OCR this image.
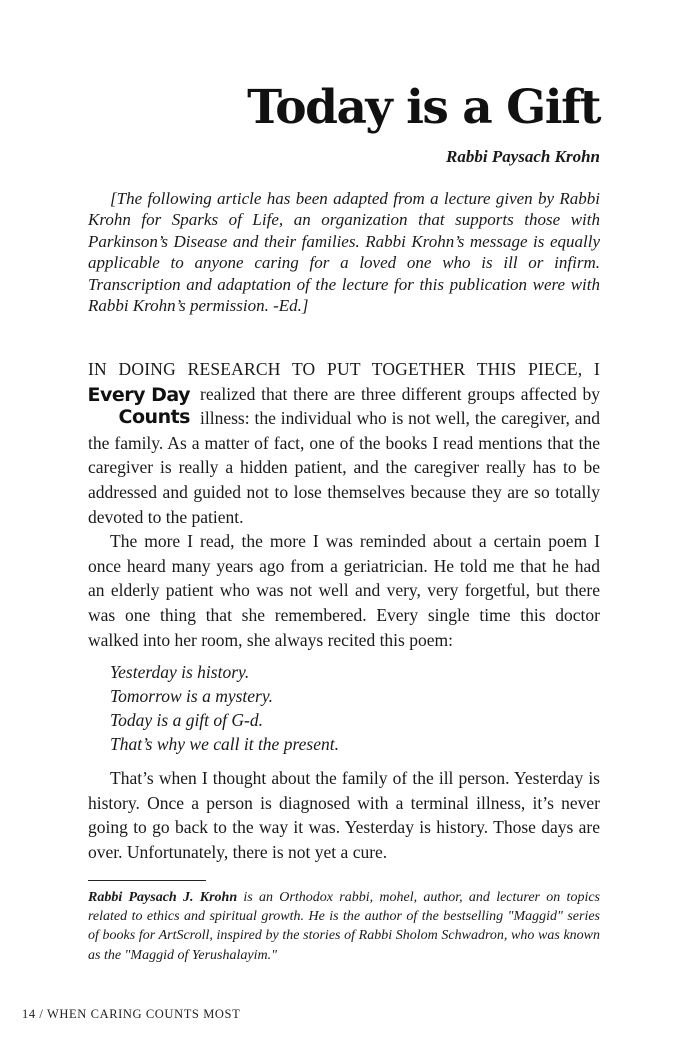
Today is a Gift
Rabbi Paysach Krohn

[The following article has been adapted from a lecture given by Rabbi Krohn for Sparks of Life, an organization that supports those with Parkinson’s Disease and their families. Rabbi Krohn’s message is equally applicable to anyone caring for a loved one who is ill or infirm. Transcription and adaptation of the lecture for this publication were with Rabbi Krohn’s permission. -Ed.]

IN DOING RESEARCH TO PUT TOGETHER THIS PIECE, I
Every Day
Counts
realized that there are three different groups affected by illness: the individual who is not well, the caregiver, and the family. As a matter of fact, one of the books I read mentions that the caregiver is really a hidden patient, and the caregiver really has to be addressed and guided not to lose themselves because they are so totally devoted to the patient.

The more I read, the more I was reminded about a certain poem I once heard many years ago from a geriatrician. He told me that he had an elderly patient who was not well and very, very forgetful, but there was one thing that she remembered. Every single time this doctor walked into her room, she always recited this poem:

Yesterday is history.
Tomorrow is a mystery.
Today is a gift of G-d.
That’s why we call it the present.

That’s when I thought about the family of the ill person. Yesterday is history. Once a person is diagnosed with a terminal illness, it’s never going to go back to the way it was. Yesterday is history. Those days are over. Unfortunately, there is not yet a cure.

Rabbi Paysach J. Krohn is an Orthodox rabbi, mohel, author, and lecturer on topics related to ethics and spiritual growth. He is the author of the bestselling "Maggid" series of books for ArtScroll, inspired by the stories of Rabbi Sholom Schwadron, who was known as the "Maggid of Yerushalayim."

14 / WHEN CARING COUNTS MOST
